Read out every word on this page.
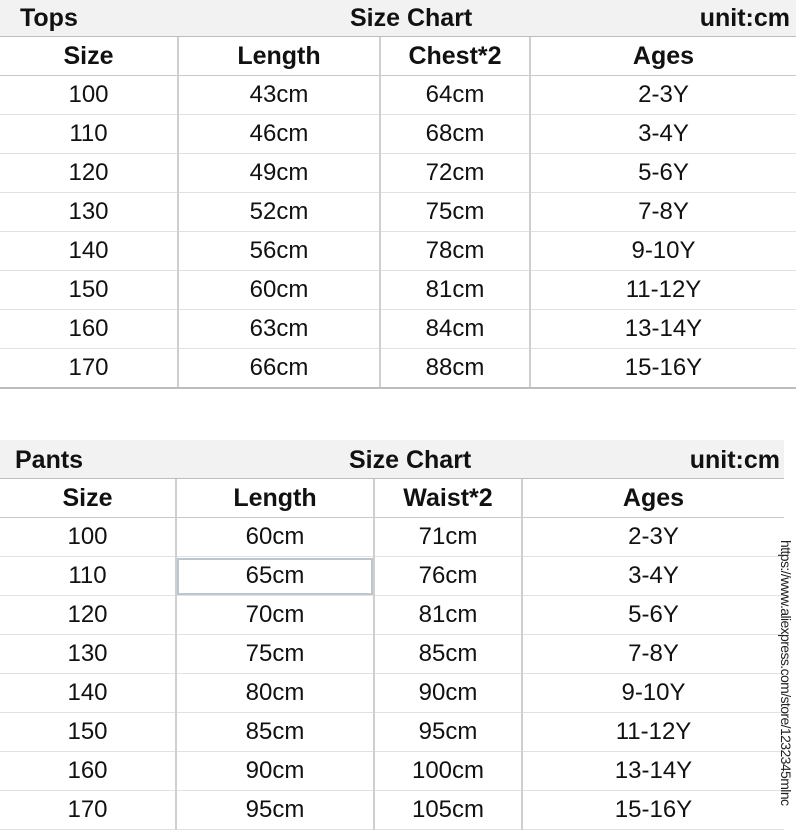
Tops	Size Chart	unit:cm
Size	Length	Chest*2	Ages
100	43cm	64cm	2-3Y
110	46cm	68cm	3-4Y
120	49cm	72cm	5-6Y
130	52cm	75cm	7-8Y
140	56cm	78cm	9-10Y
150	60cm	81cm	11-12Y
160	63cm	84cm	13-14Y
170	66cm	88cm	15-16Y
Pants	Size Chart	unit:cm
Size	Length	Waist*2	Ages
100	60cm	71cm	2-3Y
110	65cm	76cm	3-4Y
120	70cm	81cm	5-6Y
130	75cm	85cm	7-8Y
140	80cm	90cm	9-10Y
150	85cm	95cm	11-12Y
160	90cm	100cm	13-14Y
170	95cm	105cm	15-16Y
https://www.aliexpress.com/store/1232345mlnc
